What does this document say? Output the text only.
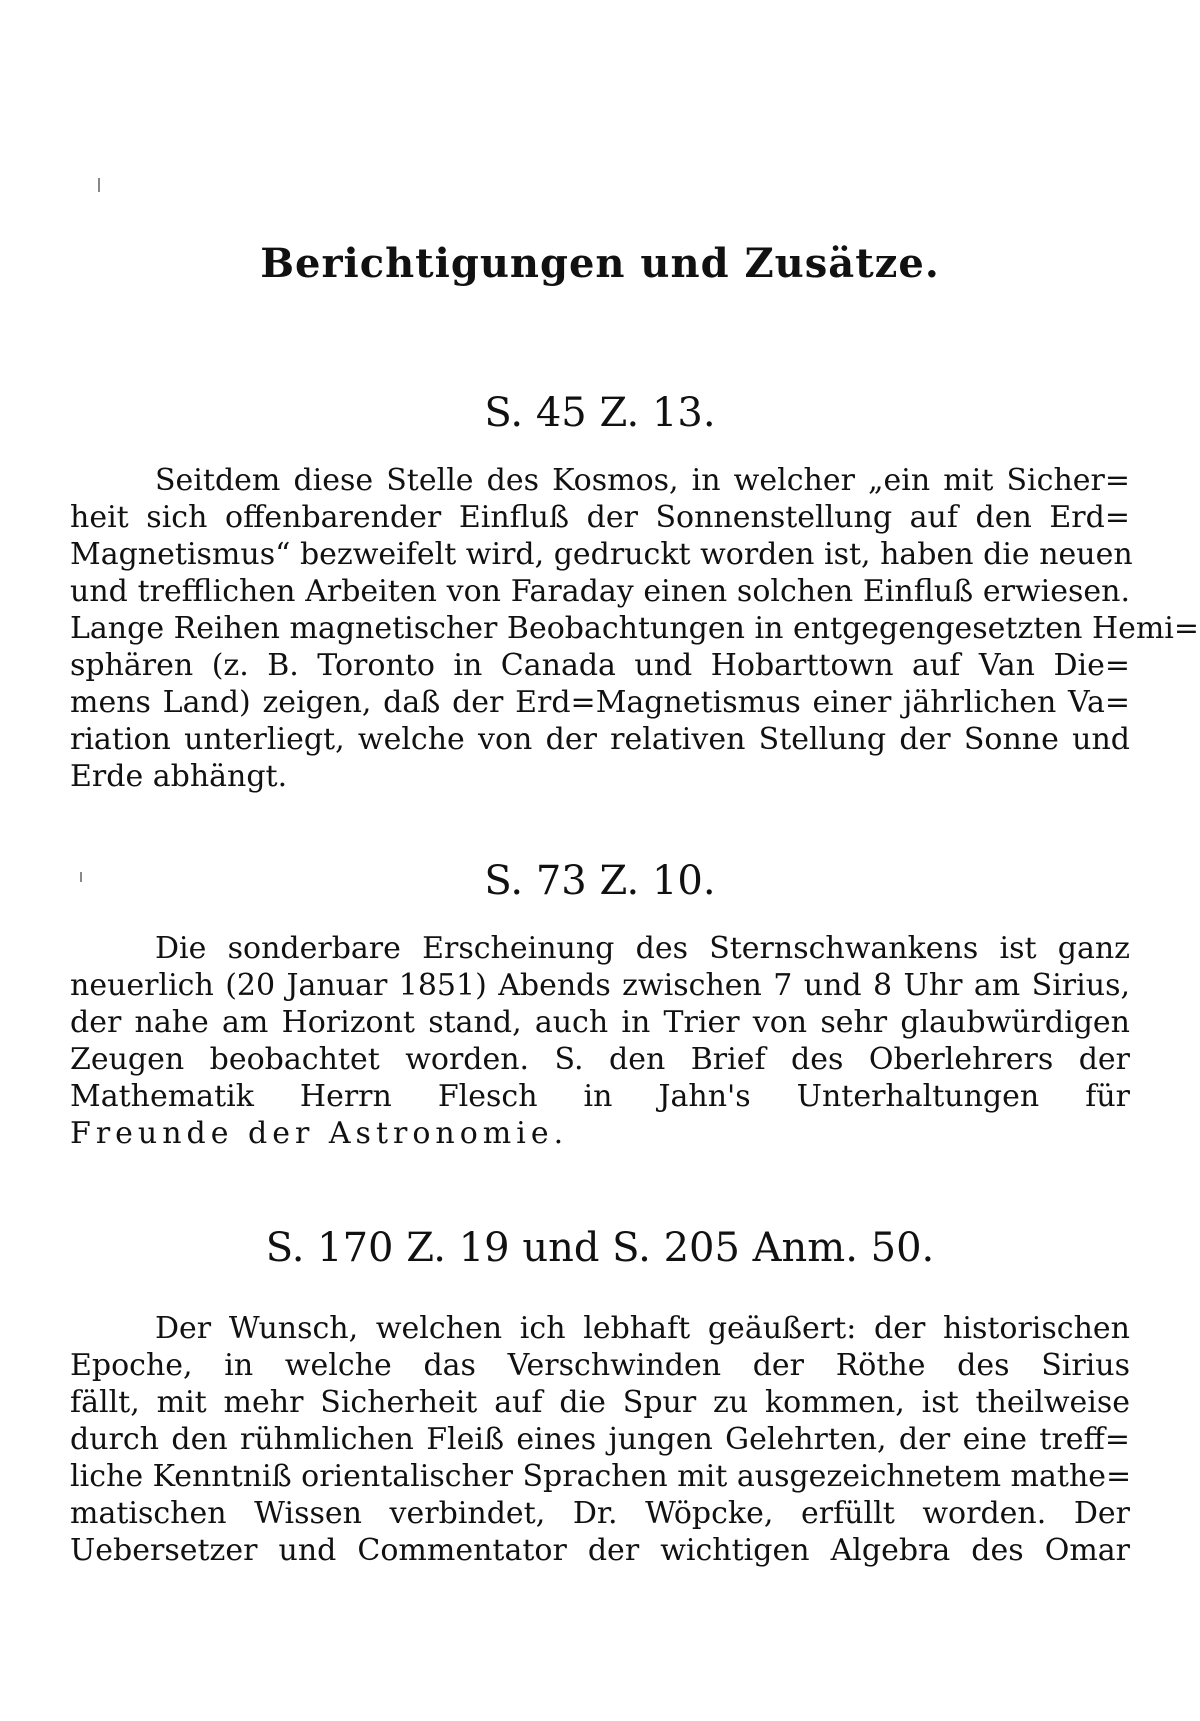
Berichtigungen und Zusätze.
S. 45 Z. 13.
Seitdem diese Stelle des Kosmos, in welcher „ein mit Sicher=
heit sich offenbarender Einfluß der Sonnenstellung auf den Erd=
Magnetismus“ bezweifelt wird, gedruckt worden ist, haben die neuen
und trefflichen Arbeiten von Faraday einen solchen Einfluß erwiesen.
Lange Reihen magnetischer Beobachtungen in entgegengesetzten Hemi=
sphären (z. B. Toronto in Canada und Hobarttown auf Van Die=
mens Land) zeigen, daß der Erd=Magnetismus einer jährlichen Va=
riation unterliegt, welche von der relativen Stellung der Sonne und
Erde abhängt.
S. 73 Z. 10.
Die sonderbare Erscheinung des Sternschwankens ist ganz
neuerlich (20 Januar 1851) Abends zwischen 7 und 8 Uhr am Sirius,
der nahe am Horizont stand, auch in Trier von sehr glaubwürdigen
Zeugen beobachtet worden. S. den Brief des Oberlehrers der
Mathematik Herrn Flesch in Jahn's Unterhaltungen für
Freunde der Astronomie.
S. 170 Z. 19 und S. 205 Anm. 50.
Der Wunsch, welchen ich lebhaft geäußert: der historischen
Epoche, in welche das Verschwinden der Röthe des Sirius
fällt, mit mehr Sicherheit auf die Spur zu kommen, ist theilweise
durch den rühmlichen Fleiß eines jungen Gelehrten, der eine treff=
liche Kenntniß orientalischer Sprachen mit ausgezeichnetem mathe=
matischen Wissen verbindet, Dr. Wöpcke, erfüllt worden. Der
Uebersetzer und Commentator der wichtigen Algebra des Omar
